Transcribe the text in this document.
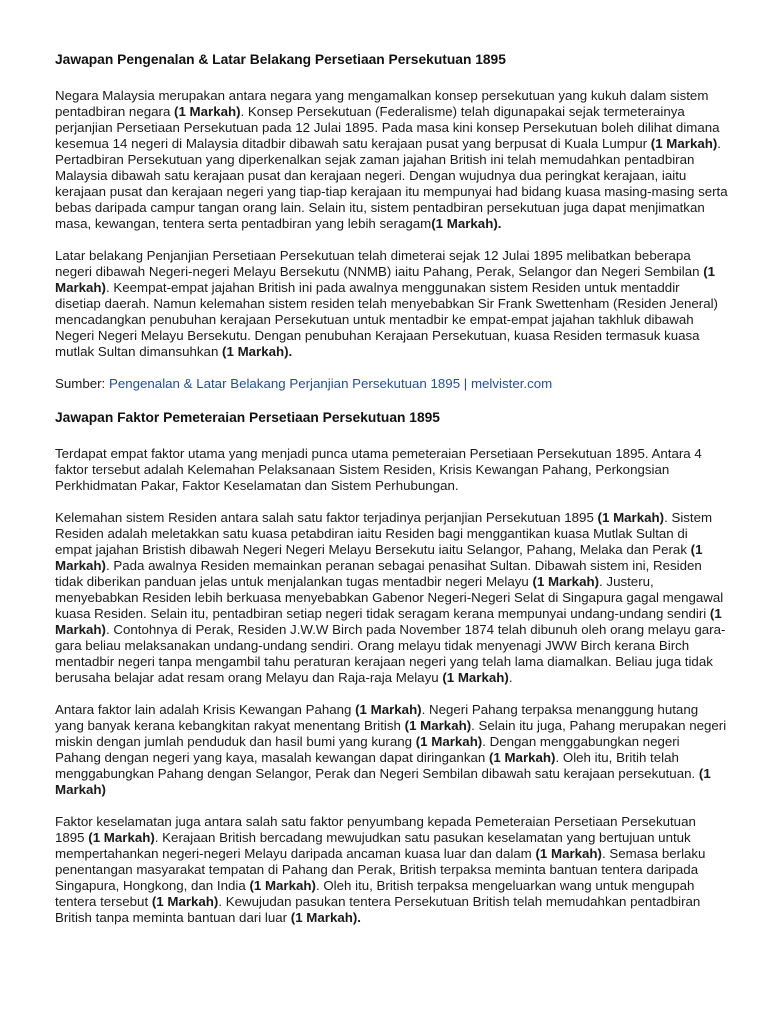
Jawapan Pengenalan & Latar Belakang Persetiaan Persekutuan 1895

Negara Malaysia merupakan antara negara yang mengamalkan konsep persekutuan yang kukuh dalam sistem pentadbiran negara (1 Markah). Konsep Persekutuan (Federalisme) telah digunapakai sejak termeterainya perjanjian Persetiaan Persekutuan pada 12 Julai 1895. Pada masa kini konsep Persekutuan boleh dilihat dimana kesemua 14 negeri di Malaysia ditadbir dibawah satu kerajaan pusat yang berpusat di Kuala Lumpur (1 Markah). Pertadbiran Persekutuan yang diperkenalkan sejak zaman jajahan British ini telah memudahkan pentadbiran Malaysia dibawah satu kerajaan pusat dan kerajaan negeri. Dengan wujudnya dua peringkat kerajaan, iaitu kerajaan pusat dan kerajaan negeri yang tiap-tiap kerajaan itu mempunyai had bidang kuasa masing-masing serta bebas daripada campur tangan orang lain. Selain itu, sistem pentadbiran persekutuan juga dapat menjimatkan masa, kewangan, tentera serta pentadbiran yang lebih seragam(1 Markah).

Latar belakang Penjanjian Persetiaan Persekutuan telah dimeterai sejak 12 Julai 1895 melibatkan beberapa negeri dibawah Negeri-negeri Melayu Bersekutu (NNMB) iaitu Pahang, Perak, Selangor dan Negeri Sembilan (1 Markah). Keempat-empat jajahan British ini pada awalnya menggunakan sistem Residen untuk mentaddir disetiap daerah. Namun kelemahan sistem residen telah menyebabkan Sir Frank Swettenham (Residen Jeneral) mencadangkan penubuhan kerajaan Persekutuan untuk mentadbir ke empat-empat jajahan takhluk dibawah Negeri Negeri Melayu Bersekutu. Dengan penubuhan Kerajaan Persekutuan, kuasa Residen termasuk kuasa mutlak Sultan dimansuhkan (1 Markah).

Sumber: Pengenalan & Latar Belakang Perjanjian Persekutuan 1895 | melvister.com

Jawapan Faktor Pemeteraian Persetiaan Persekutuan 1895

Terdapat empat faktor utama yang menjadi punca utama pemeteraian Persetiaan Persekutuan 1895. Antara 4 faktor tersebut adalah Kelemahan Pelaksanaan Sistem Residen, Krisis Kewangan Pahang, Perkongsian Perkhidmatan Pakar, Faktor Keselamatan dan Sistem Perhubungan.

Kelemahan sistem Residen antara salah satu faktor terjadinya perjanjian Persekutuan 1895 (1 Markah). Sistem Residen adalah meletakkan satu kuasa petabdiran iaitu Residen bagi menggantikan kuasa Mutlak Sultan di empat jajahan Bristish dibawah Negeri Negeri Melayu Bersekutu iaitu Selangor, Pahang, Melaka dan Perak (1 Markah). Pada awalnya Residen memainkan peranan sebagai penasihat Sultan. Dibawah sistem ini, Residen tidak diberikan panduan jelas untuk menjalankan tugas mentadbir negeri Melayu (1 Markah). Justeru, menyebabkan Residen lebih berkuasa menyebabkan Gabenor Negeri-Negeri Selat di Singapura gagal mengawal kuasa Residen. Selain itu, pentadbiran setiap negeri tidak seragam kerana mempunyai undang-undang sendiri (1 Markah). Contohnya di Perak, Residen J.W.W Birch pada November 1874 telah dibunuh oleh orang melayu gara-gara beliau melaksanakan undang-undang sendiri. Orang melayu tidak menyenagi JWW Birch kerana Birch mentadbir negeri tanpa mengambil tahu peraturan kerajaan negeri yang telah lama diamalkan. Beliau juga tidak berusaha belajar adat resam orang Melayu dan Raja-raja Melayu (1 Markah).

Antara faktor lain adalah Krisis Kewangan Pahang (1 Markah). Negeri Pahang terpaksa menanggung hutang yang banyak kerana kebangkitan rakyat menentang British (1 Markah). Selain itu juga, Pahang merupakan negeri miskin dengan jumlah penduduk dan hasil bumi yang kurang (1 Markah). Dengan menggabungkan negeri Pahang dengan negeri yang kaya, masalah kewangan dapat diringankan (1 Markah). Oleh itu, Britih telah menggabungkan Pahang dengan Selangor, Perak dan Negeri Sembilan dibawah satu kerajaan persekutuan. (1 Markah)

Faktor keselamatan juga antara salah satu faktor penyumbang kepada Pemeteraian Persetiaan Persekutuan 1895 (1 Markah). Kerajaan British bercadang mewujudkan satu pasukan keselamatan yang bertujuan untuk mempertahankan negeri-negeri Melayu daripada ancaman kuasa luar dan dalam (1 Markah). Semasa berlaku penentangan masyarakat tempatan di Pahang dan Perak, British terpaksa meminta bantuan tentera daripada Singapura, Hongkong, dan India (1 Markah). Oleh itu, British terpaksa mengeluarkan wang untuk mengupah tentera tersebut (1 Markah). Kewujudan pasukan tentera Persekutuan British telah memudahkan pentadbiran British tanpa meminta bantuan dari luar (1 Markah).
